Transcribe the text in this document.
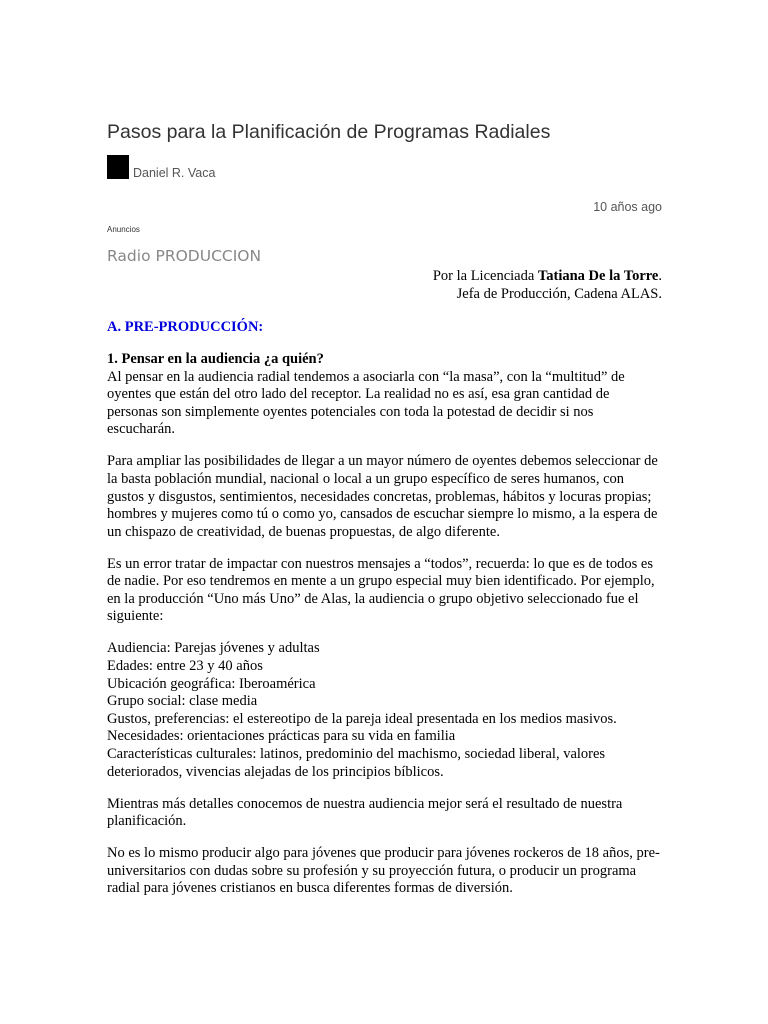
Pasos para la Planificación de Programas Radiales
Daniel R. Vaca
10 años ago
Anuncios
Radio PRODUCCION
Por la Licenciada Tatiana De la Torre.
Jefa de Producción, Cadena ALAS.

A. PRE-PRODUCCIÓN:

1. Pensar en la audiencia ¿a quién?
Al pensar en la audiencia radial tendemos a asociarla con “la masa”, con la “multitud” de oyentes que están del otro lado del receptor. La realidad no es así, esa gran cantidad de personas son simplemente oyentes potenciales con toda la potestad de decidir si nos escucharán.

Para ampliar las posibilidades de llegar a un mayor número de oyentes debemos seleccionar de la basta población mundial, nacional o local a un grupo específico de seres humanos, con gustos y disgustos, sentimientos, necesidades concretas, problemas, hábitos y locuras propias; hombres y mujeres como tú o como yo, cansados de escuchar siempre lo mismo, a la espera de un chispazo de creatividad, de buenas propuestas, de algo diferente.

Es un error tratar de impactar con nuestros mensajes a “todos”, recuerda: lo que es de todos es de nadie. Por eso tendremos en mente a un grupo especial muy bien identificado. Por ejemplo, en la producción “Uno más Uno” de Alas, la audiencia o grupo objetivo seleccionado fue el siguiente:

Audiencia: Parejas jóvenes y adultas
Edades: entre 23 y 40 años
Ubicación geográfica: Iberoamérica
Grupo social: clase media
Gustos, preferencias: el estereotipo de la pareja ideal presentada en los medios masivos.
Necesidades: orientaciones prácticas para su vida en familia
Características culturales: latinos, predominio del machismo, sociedad liberal, valores deteriorados, vivencias alejadas de los principios bíblicos.

Mientras más detalles conocemos de nuestra audiencia mejor será el resultado de nuestra planificación.

No es lo mismo producir algo para jóvenes que producir para jóvenes rockeros de 18 años, pre-universitarios con dudas sobre su profesión y su proyección futura, o producir un programa radial para jóvenes cristianos en busca diferentes formas de diversión.
